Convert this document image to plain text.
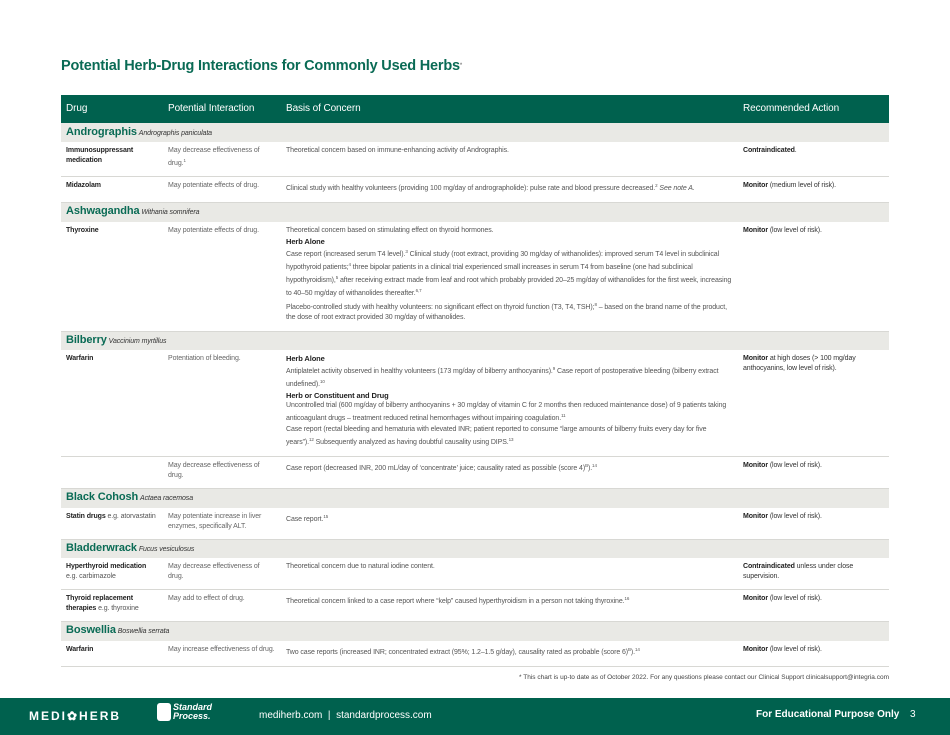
Potential Herb-Drug Interactions for Commonly Used Herbs*
Drug	Potential Interaction	Basis of Concern	Recommended Action
Andrographis Andrographis paniculata			
Immunosuppressant medication	May decrease effectiveness of drug.$^1$	Theoretical concern based on immune-enhancing activity of Andrographis.	Contraindicated.
Midazolam	May potentiate effects of drug.	Clinical study with healthy volunteers (providing 100 mg/day of andrographolide): pulse rate and blood pressure decreased.$^2$ See note A.	Monitor (medium level of risk).
Ashwagandha Withania somnifera			
Thyroxine	May potentiate effects of drug.	Theoretical concern based on stimulating effect on thyroid hormones.

Herb Alone

Case report (increased serum T4 level).$^3$ Clinical study (root extract, providing 30 mg/day of withanolides): improved serum T4 level in subclinical hypothyroid patients;$^4$ three bipolar patients in a clinical trial experienced small increases in serum T4 from baseline (one had subclinical hypothyroidism),$^5$ after receiving extract made from leaf and root which probably provided 20–25 mg/day of withanolides for the first week, increasing to 40–50 mg/day of withanolides thereafter.$^{6,7}$

Placebo-controlled study with healthy volunteers: no significant effect on thyroid function (T3, T4, TSH);$^8$ – based on the brand name of the product, the dose of root extract provided 30 mg/day of withanolides.	Monitor (low level of risk).
Bilberry Vaccinium myrtillus			
Warfarin	Potentiation of bleeding.	Herb Alone

Antiplatelet activity observed in healthy volunteers (173 mg/day of bilberry anthocyanins).$^9$ Case report of postoperative bleeding (bilberry extract undefined).$^{10}$

Herb or Constituent and Drug

Uncontrolled trial (600 mg/day of bilberry anthocyanins + 30 mg/day of vitamin C for 2 months then reduced maintenance dose) of 9 patients taking anticoagulant drugs – treatment reduced retinal hemorrhages without impairing coagulation.$^{11}$

Case report (rectal bleeding and hematuria with elevated INR; patient reported to consume “large amounts of bilberry fruits every day for five years”).$^{12}$ Subsequently analyzed as having doubtful causality using DIPS.$^{13}$	Monitor at high doses (> 100 mg/day anthocyanins, low level of risk).
	May decrease effectiveness of drug.	Case report (decreased INR, 200 mL/day of ‘concentrate’ juice; causality rated as possible (score 4)$^B$).$^{14}$	Monitor (low level of risk).
Black Cohosh Actaea racemosa			
Statin drugs e.g. atorvastatin	May potentiate increase in liver enzymes, specifically ALT.	Case report.$^{15}$	Monitor (low level of risk).
Bladderwrack Fucus vesiculosus			
Hyperthyroid medication e.g. carbimazole	May decrease effectiveness of drug.	Theoretical concern due to natural iodine content.	Contraindicated unless under close supervision.
Thyroid replacement therapies e.g. thyroxine	May add to effect of drug.	Theoretical concern linked to a case report where “kelp” caused hyperthyroidism in a person not taking thyroxine.$^{16}$	Monitor (low level of risk).
Boswellia Boswellia serrata			
Warfarin	May increase effectiveness of drug.	Two case reports (increased INR; concentrated extract (95%; 1.2–1.5 g/day), causality rated as probable (score 6)$^B$).$^{14}$	Monitor (low level of risk).
* This chart is up-to date as of October 2022. For any questions please contact our Clinical Support clinicalsupport@integria.com
MEDI✿HERB
Standard
Process.	mediherb.com  |  standardprocess.com	For Educational Purpose Only 3
